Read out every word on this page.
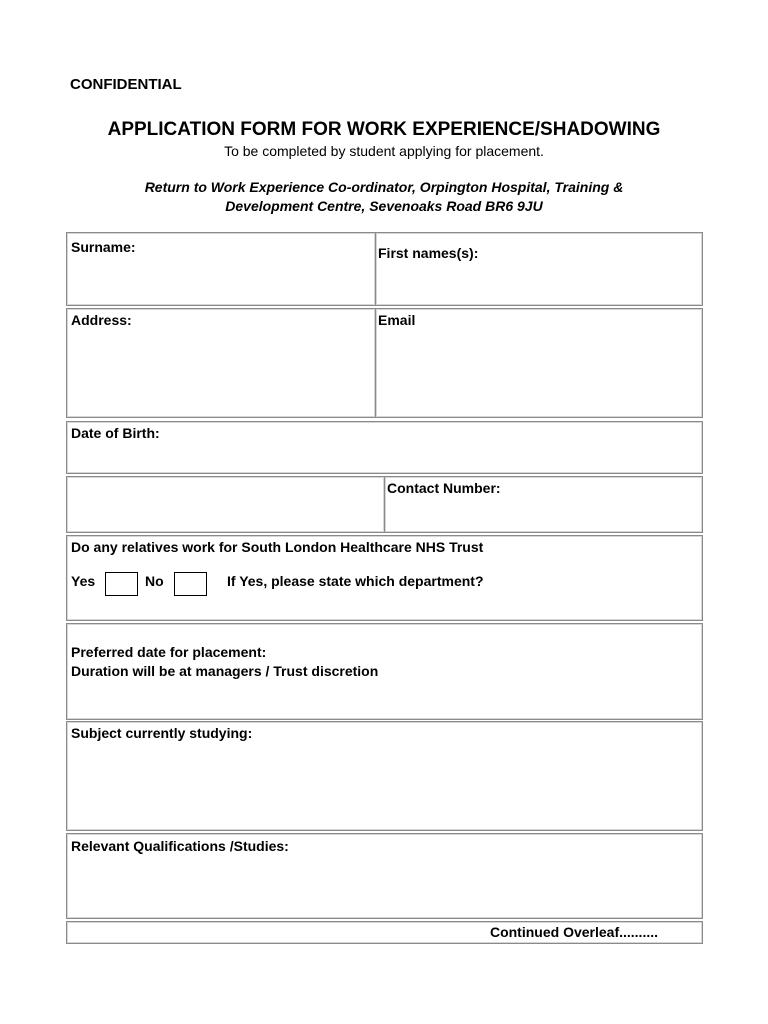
CONFIDENTIAL
APPLICATION FORM FOR WORK EXPERIENCE/SHADOWING
To be completed by student applying for placement.
Return to Work Experience Co-ordinator, Orpington Hospital, Training &
Development Centre, Sevenoaks Road BR6 9JU
Surname:	First names(s):
Address:	Email
Date of Birth:
Contact Number:
Do any relatives work for South London Healthcare NHS Trust
Yes	No	If Yes, please state which department?
Preferred date for placement:
Duration will be at managers / Trust discretion
Subject currently studying:
Relevant Qualifications /Studies:
Continued Overleaf..........
